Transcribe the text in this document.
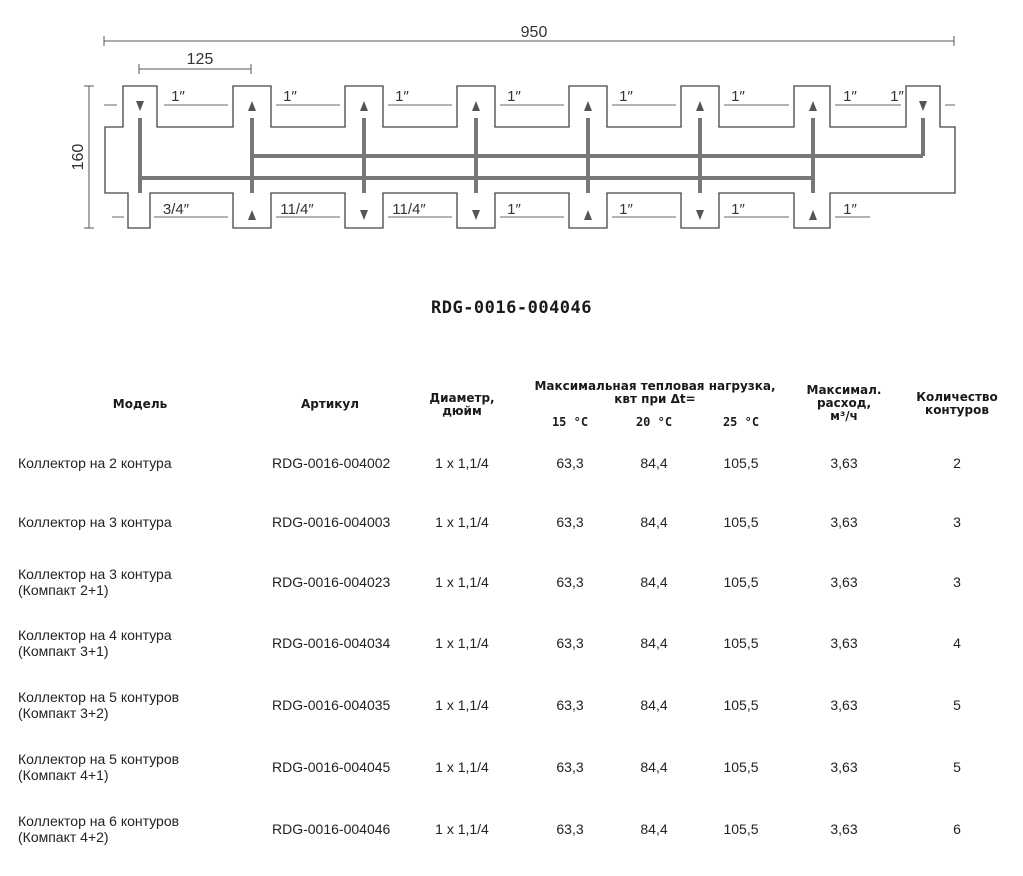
950
125
160
1″	1″	1″	1″	1″	1″	1″ 1″
3/4″	11/4″	11/4″	1″	1″	1″	1″
RDG-0016-004046
Модель	Артикул	Диаметр, дюйм
Максимальная тепловая нагрузка, квт при Δt=
15 °C	20 °C	25 °C
Максимал. расход, м³/ч
Количество контуров
Коллектор на 2 контура	RDG-0016-004002	1 x 1,1/4	63,3	84,4	105,5	3,63	2
Коллектор на 3 контура	RDG-0016-004003	1 x 1,1/4	63,3	84,4	105,5	3,63	3
Коллектор на 3 контура
(Компакт 2+1)	RDG-0016-004023	1 x 1,1/4	63,3	84,4	105,5	3,63	3
Коллектор на 4 контура
(Компакт 3+1)	RDG-0016-004034	1 x 1,1/4	63,3	84,4	105,5	3,63	4
Коллектор на 5 контуров
(Компакт 3+2)	RDG-0016-004035	1 x 1,1/4	63,3	84,4	105,5	3,63	5
Коллектор на 5 контуров
(Компакт 4+1)	RDG-0016-004045	1 x 1,1/4	63,3	84,4	105,5	3,63	5
Коллектор на 6 контуров
(Компакт 4+2)	RDG-0016-004046	1 x 1,1/4	63,3	84,4	105,5	3,63	6
